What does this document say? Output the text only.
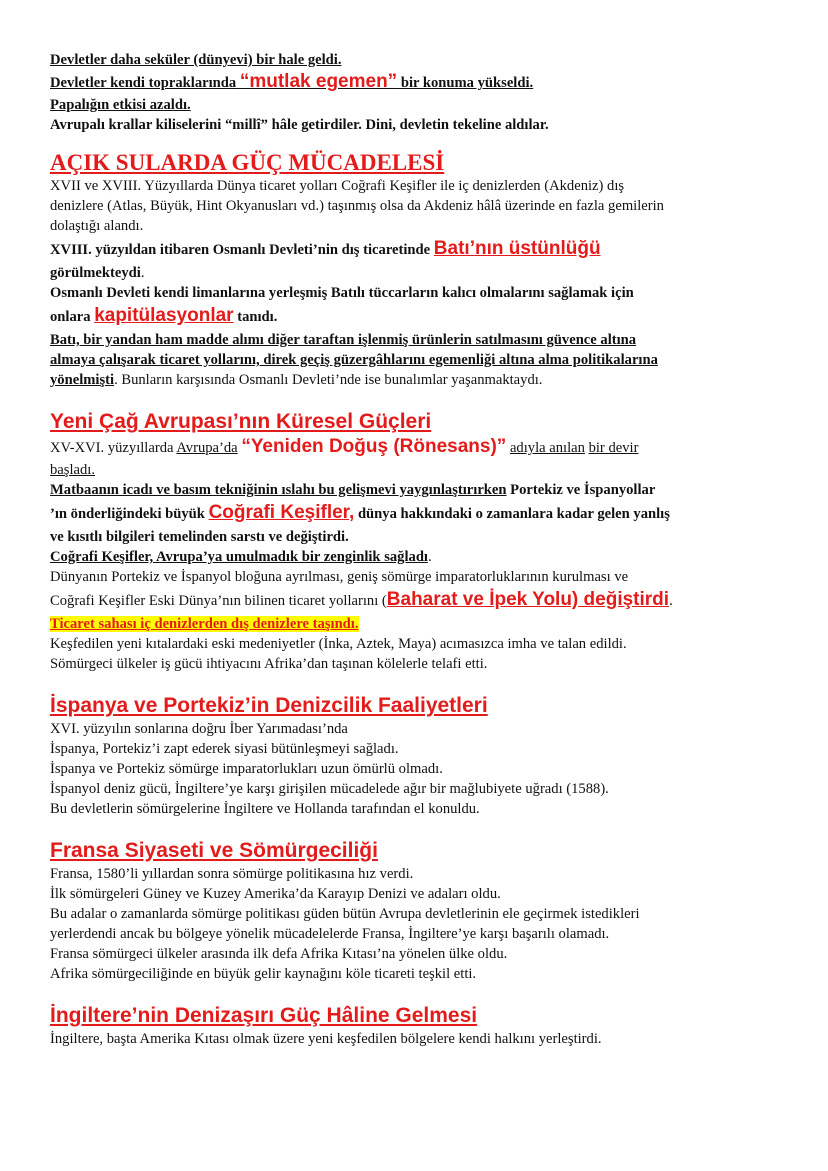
Devletler daha seküler (dünyevi) bir hale geldi.

Devletler kendi topraklarında “mutlak egemen” bir konuma yükseldi.

Papalığın etkisi azaldı.

Avrupalı krallar kiliselerini “millî” hâle getirdiler. Dini, devletin tekeline aldılar.

AÇIK SULARDA GÜÇ MÜCADELESİ

XVII ve XVIII. Yüzyıllarda Dünya ticaret yolları Coğrafi Keşifler ile iç denizlerden (Akdeniz) dış

denizlere (Atlas, Büyük, Hint Okyanusları vd.) taşınmış olsa da Akdeniz hâlâ üzerinde en fazla gemilerin

dolaştığı alandı.

XVIII. yüzyıldan itibaren Osmanlı Devleti’nin dış ticaretinde Batı’nın üstünlüğü

görülmekteydi.

Osmanlı Devleti kendi limanlarına yerleşmiş Batılı tüccarların kalıcı olmalarını sağlamak için

onlara kapitülasyonlar tanıdı.

Batı, bir yandan ham madde alımı diğer taraftan işlenmiş ürünlerin satılmasını güvence altına

almaya çalışarak ticaret yollarını, direk geçiş güzergâhlarını egemenliği altına alma politikalarına

yönelmişti. Bunların karşısında Osmanlı Devleti’nde ise bunalımlar yaşanmaktaydı.

Yeni Çağ Avrupası’nın Küresel Güçleri

XV-XVI. yüzyıllarda Avrupa’da “Yeniden Doğuş (Rönesans)” adıyla anılan bir devir

başladı.

Matbaanın icadı ve basım tekniğinin ıslahı bu gelişmevi yaygınlaştırırken Portekiz ve İspanyollar

’ın önderliğindeki büyük Coğrafi Keşifler, dünya hakkındaki o zamanlara kadar gelen yanlış

ve kısıtlı bilgileri temelinden sarstı ve değiştirdi.

Coğrafi Keşifler, Avrupa’ya umulmadık bir zenginlik sağladı.

Dünyanın Portekiz ve İspanyol bloğuna ayrılması, geniş sömürge imparatorluklarının kurulması ve

Coğrafi Keşifler Eski Dünya’nın bilinen ticaret yollarını (Baharat ve İpek Yolu) değiştirdi.

Ticaret sahası iç denizlerden dış denizlere taşındı.

Keşfedilen yeni kıtalardaki eski medeniyetler (İnka, Aztek, Maya) acımasızca imha ve talan edildi.

Sömürgeci ülkeler iş gücü ihtiyacını Afrika’dan taşınan kölelerle telafi etti.

İspanya ve Portekiz’in Denizcilik Faaliyetleri

XVI. yüzyılın sonlarına doğru İber Yarımadası’nda

İspanya, Portekiz’i zapt ederek siyasi bütünleşmeyi sağladı.

İspanya ve Portekiz sömürge imparatorlukları uzun ömürlü olmadı.

İspanyol deniz gücü, İngiltere’ye karşı girişilen mücadelede ağır bir mağlubiyete uğradı (1588).

Bu devletlerin sömürgelerine İngiltere ve Hollanda tarafından el konuldu.

Fransa Siyaseti ve Sömürgeciliği

Fransa, 1580’li yıllardan sonra sömürge politikasına hız verdi.

İlk sömürgeleri Güney ve Kuzey Amerika’da Karayıp Denizi ve adaları oldu.

Bu adalar o zamanlarda sömürge politikası güden bütün Avrupa devletlerinin ele geçirmek istedikleri

yerlerdendi ancak bu bölgeye yönelik mücadelelerde Fransa, İngiltere’ye karşı başarılı olamadı.

Fransa sömürgeci ülkeler arasında ilk defa Afrika Kıtası’na yönelen ülke oldu.

Afrika sömürgeciliğinde en büyük gelir kaynağını köle ticareti teşkil etti.

İngiltere’nin Denizaşırı Güç Hâline Gelmesi

İngiltere, başta Amerika Kıtası olmak üzere yeni keşfedilen bölgelere kendi halkını yerleştirdi.
